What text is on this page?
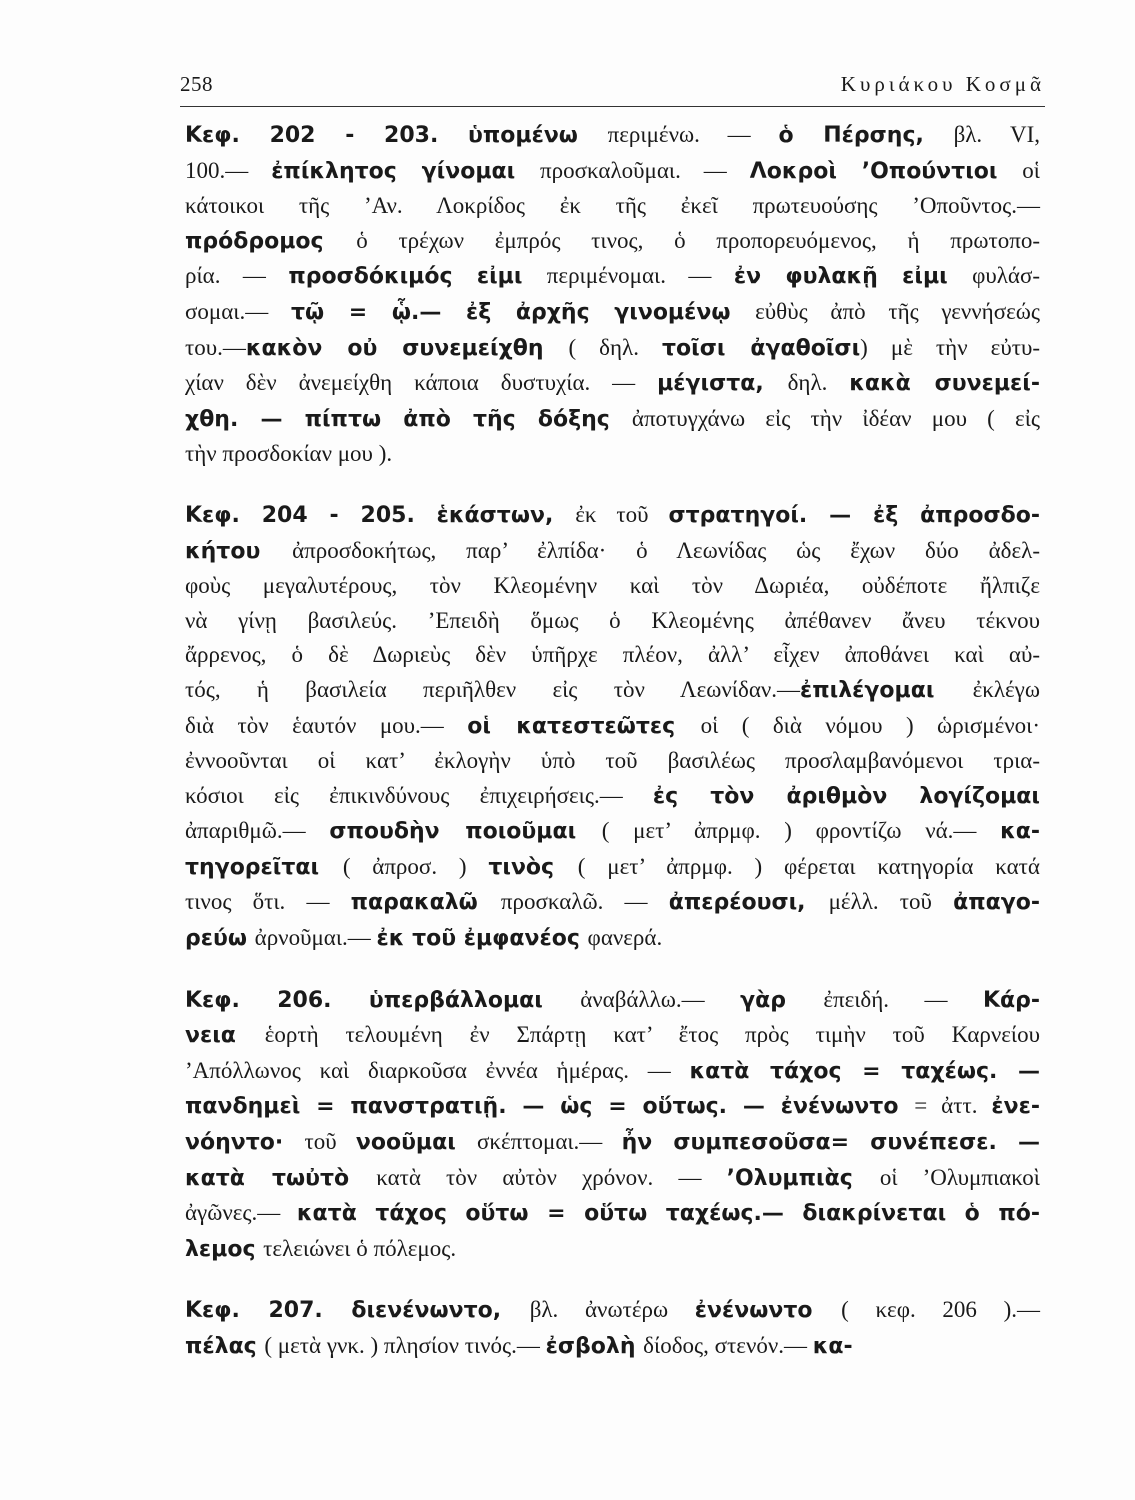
258	Κυριάκου Κοσμᾶ
Κεφ. 202 - 203. ὑπομένω περιμένω. — ὁ Πέρσης, βλ. VI,
100.— ἐπίκλητος γίνομαι προσκαλοῦμαι. — Λοκροὶ ’Οπούντιοι οἱ
κάτοικοι τῆς ’Αν. Λοκρίδος ἐκ τῆς ἐκεῖ πρωτευούσης ’Οποῦντος.—
πρόδρομος ὁ τρέχων ἐμπρός τινος, ὁ προπορευόμενος, ἡ πρωτοπο-
ρία. — προσδόκιμός εἰμι περιμένομαι. — ἐν φυλακῇ εἰμι φυλάσ-
σομαι.— τῷ = ᾧ.— ἐξ ἀρχῆς γινομένῳ εὐθὺς ἀπὸ τῆς γεννήσεώς
του.—κακὸν οὐ συνεμείχθη ( δηλ. τοῖσι ἀγαθοῖσι) μὲ τὴν εὐτυ-
χίαν δὲν ἀνεμείχθη κάποια δυστυχία. — μέγιστα, δηλ. κακὰ συνεμεί-
χθη. — πίπτω ἀπὸ τῆς δόξης ἀποτυγχάνω εἰς τὴν ἰδέαν μου ( εἰς
τὴν προσδοκίαν μου ).
Κεφ. 204 - 205. ἑκάστων, ἐκ τοῦ στρατηγοί. — ἐξ ἀπροσδο-
κήτου ἀπροσδοκήτως, παρ’ ἐλπίδα· ὁ Λεωνίδας ὡς ἔχων δύο ἀδελ-
φοὺς μεγαλυτέρους, τὸν Κλεομένην καὶ τὸν Δωριέα, οὐδέποτε ἤλπιζε
νὰ γίνῃ βασιλεύς. ’Επειδὴ ὅμως ὁ Κλεομένης ἀπέθανεν ἄνευ τέκνου
ἄρρενος, ὁ δὲ Δωριεὺς δὲν ὑπῆρχε πλέον, ἀλλ’ εἶχεν ἀποθάνει καὶ αὐ-
τός, ἡ βασιλεία περιῆλθεν εἰς τὸν Λεωνίδαν.—ἐπιλέγομαι ἐκλέγω
διὰ τὸν ἑαυτόν μου.— οἱ κατεστεῶτες οἱ ( διὰ νόμου ) ὡρισμένοι·
ἐννοοῦνται οἱ κατ’ ἐκλογὴν ὑπὸ τοῦ βασιλέως προσλαμβανόμενοι τρια-
κόσιοι εἰς ἐπικινδύνους ἐπιχειρήσεις.— ἐς τὸν ἀριθμὸν λογίζομαι
ἀπαριθμῶ.— σπουδὴν ποιοῦμαι ( μετ’ ἀπρμφ. ) φροντίζω νά.— κα-
τηγορεῖται ( ἀπροσ. ) τινὸς ( μετ’ ἀπρμφ. ) φέρεται κατηγορία κατά
τινος ὅτι. — παρακαλῶ προσκαλῶ. — ἀπερέουσι, μέλλ. τοῦ ἀπαγο-
ρεύω ἀρνοῦμαι.— ἐκ τοῦ ἐμφανέος φανερά.
Κεφ. 206. ὑπερβάλλομαι ἀναβάλλω.— γὰρ ἐπειδή. — Κάρ-
νεια ἑορτὴ τελουμένη ἐν Σπάρτῃ κατ’ ἔτος πρὸς τιμὴν τοῦ Καρνείου
’Απόλλωνος καὶ διαρκοῦσα ἐννέα ἡμέρας. — κατὰ τάχος = ταχέως. —
πανδημεὶ = πανστρατιῇ. — ὡς = οὕτως. — ἐνένωντο = ἀττ. ἐνε-
νόηντο· τοῦ νοοῦμαι σκέπτομαι.— ἦν συμπεσοῦσα= συνέπεσε. —
κατὰ τωὐτὸ κατὰ τὸν αὐτὸν χρόνον. — ’Ολυμπιὰς οἱ ’Ολυμπιακοὶ
ἀγῶνες.— κατὰ τάχος οὕτω = οὕτω ταχέως.— διακρίνεται ὁ πό-
λεμος τελειώνει ὁ πόλεμος.
Κεφ. 207. διενένωντο, βλ. ἀνωτέρω ἐνένωντο ( κεφ. 206 ).—
πέλας ( μετὰ γνκ. ) πλησίον τινός.— ἐσβολὴ δίοδος, στενόν.— κα-
